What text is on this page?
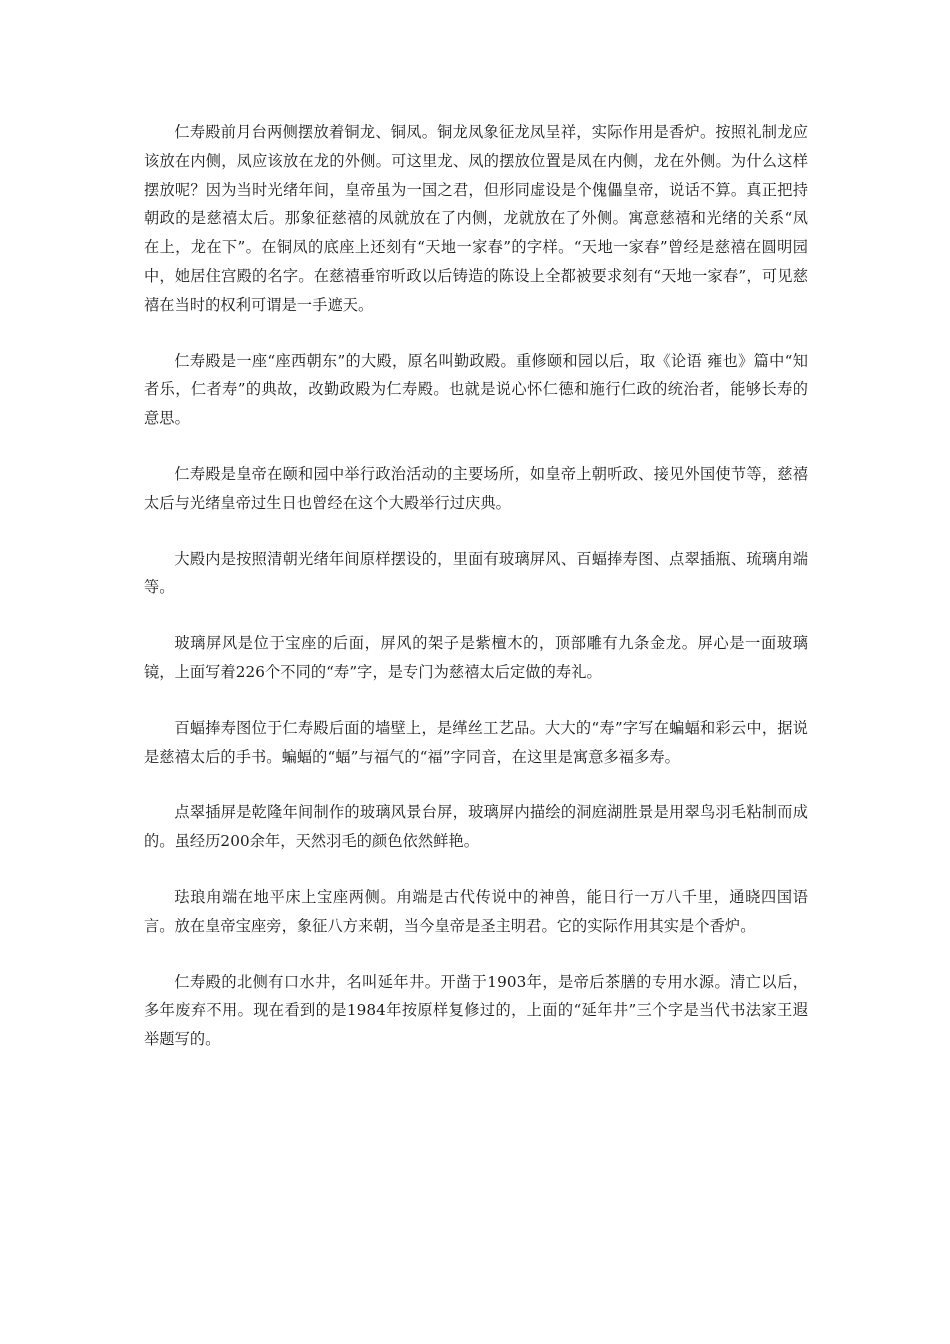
仁寿殿前月台两侧摆放着铜龙、铜凤。铜龙凤象征龙凤呈祥，实际作用是香炉。按照礼制龙应该放在内侧，凤应该放在龙的外侧。可这里龙、凤的摆放位置是凤在内侧，龙在外侧。为什么这样摆放呢？因为当时光绪年间，皇帝虽为一国之君，但形同虚设是个傀儡皇帝，说话不算。真正把持朝政的是慈禧太后。那象征慈禧的凤就放在了内侧，龙就放在了外侧。寓意慈禧和光绪的关系“凤在上，龙在下”。在铜凤的底座上还刻有“天地一家春”的字样。“天地一家春”曾经是慈禧在圆明园中，她居住宫殿的名字。在慈禧垂帘听政以后铸造的陈设上全都被要求刻有“天地一家春”，可见慈禧在当时的权利可谓是一手遮天。

仁寿殿是一座“座西朝东”的大殿，原名叫勤政殿。重修颐和园以后，取《论语 雍也》篇中“知者乐，仁者寿”的典故，改勤政殿为仁寿殿。也就是说心怀仁德和施行仁政的统治者，能够长寿的意思。

仁寿殿是皇帝在颐和园中举行政治活动的主要场所，如皇帝上朝听政、接见外国使节等，慈禧太后与光绪皇帝过生日也曾经在这个大殿举行过庆典。

大殿内是按照清朝光绪年间原样摆设的，里面有玻璃屏风、百蝠捧寿图、点翠插瓶、琉璃甪端等。

玻璃屏风是位于宝座的后面，屏风的架子是紫檀木的，顶部雕有九条金龙。屏心是一面玻璃镜，上面写着226个不同的“寿”字，是专门为慈禧太后定做的寿礼。

百蝠捧寿图位于仁寿殿后面的墙壁上，是缂丝工艺品。大大的“寿”字写在蝙蝠和彩云中，据说是慈禧太后的手书。蝙蝠的“蝠”与福气的“福”字同音，在这里是寓意多福多寿。

点翠插屏是乾隆年间制作的玻璃风景台屏，玻璃屏内描绘的洞庭湖胜景是用翠鸟羽毛粘制而成的。虽经历200余年，天然羽毛的颜色依然鲜艳。

珐琅甪端在地平床上宝座两侧。甪端是古代传说中的神兽，能日行一万八千里，通晓四国语言。放在皇帝宝座旁，象征八方来朝，当今皇帝是圣主明君。它的实际作用其实是个香炉。

仁寿殿的北侧有口水井，名叫延年井。开凿于1903年，是帝后茶膳的专用水源。清亡以后，多年废弃不用。现在看到的是1984年按原样复修过的，上面的“延年井”三个字是当代书法家王遐举题写的。
